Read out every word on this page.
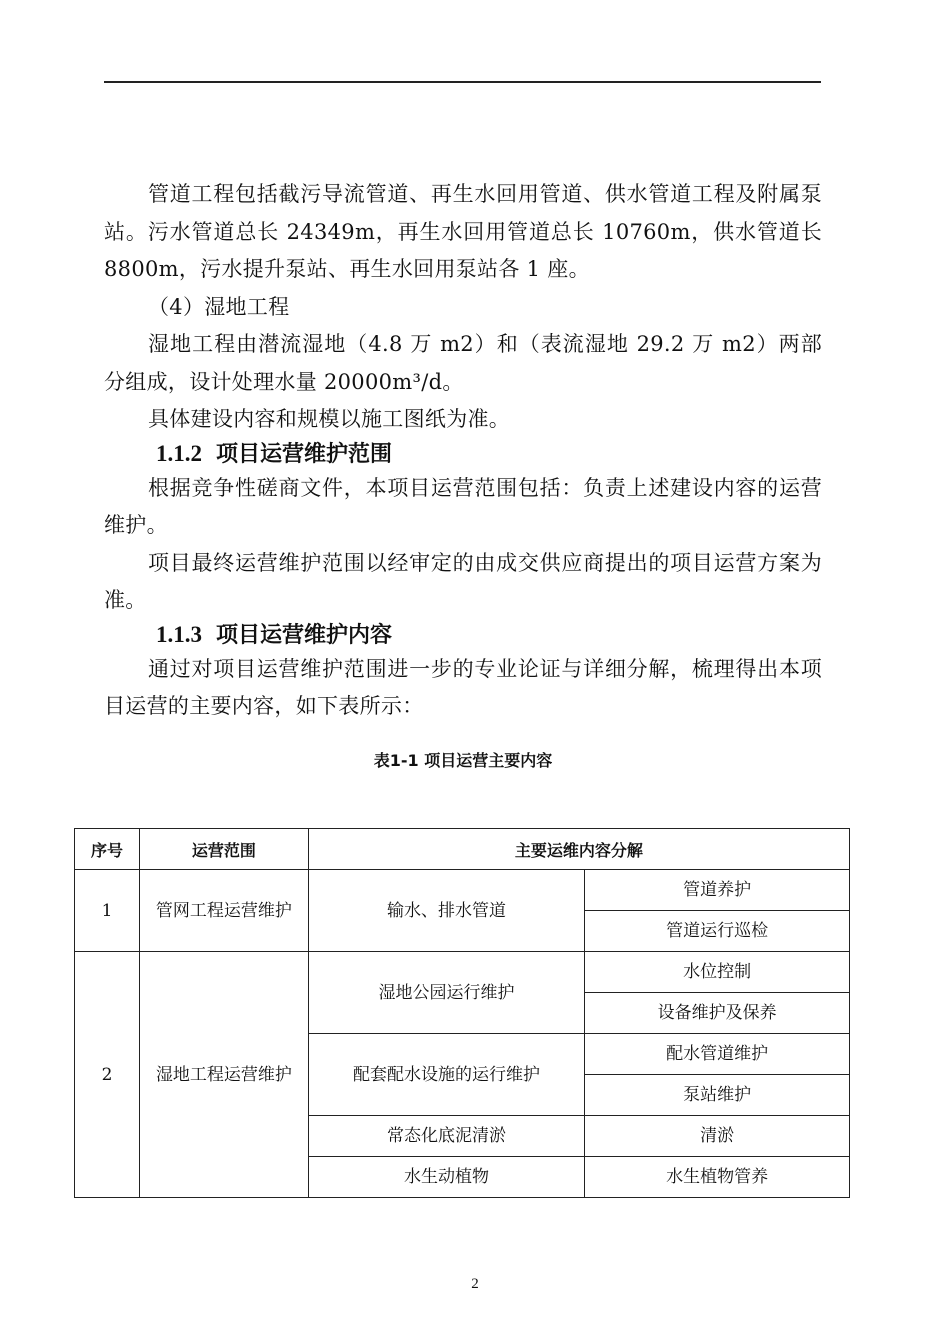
管道工程包括截污导流管道、再生水回用管道、供水管道工程及附属泵站。污水管道总长 24349m，再生水回用管道总长 10760m，供水管道长 8800m，污水提升泵站、再生水回用泵站各 1 座。

（4）湿地工程

湿地工程由潜流湿地（4.8 万 m2）和（表流湿地 29.2 万 m2）两部分组成，设计处理水量 20000m³/d。

具体建设内容和规模以施工图纸为准。

1.1.2 项目运营维护范围

根据竞争性磋商文件，本项目运营范围包括：负责上述建设内容的运营维护。

项目最终运营维护范围以经审定的由成交供应商提出的项目运营方案为准。

1.1.3 项目运营维护内容

通过对项目运营维护范围进一步的专业论证与详细分解，梳理得出本项目运营的主要内容，如下表所示：

表1-1 项目运营主要内容
序号	运营范围	主要运维内容分解	
1	管网工程运营维护	输水、排水管道	管道养护
			管道运行巡检
2	湿地工程运营维护	湿地公园运行维护	水位控制
			设备维护及保养
		配套配水设施的运行维护	配水管道维护
			泵站维护
		常态化底泥清淤	清淤
		水生动植物	水生植物管养
2
